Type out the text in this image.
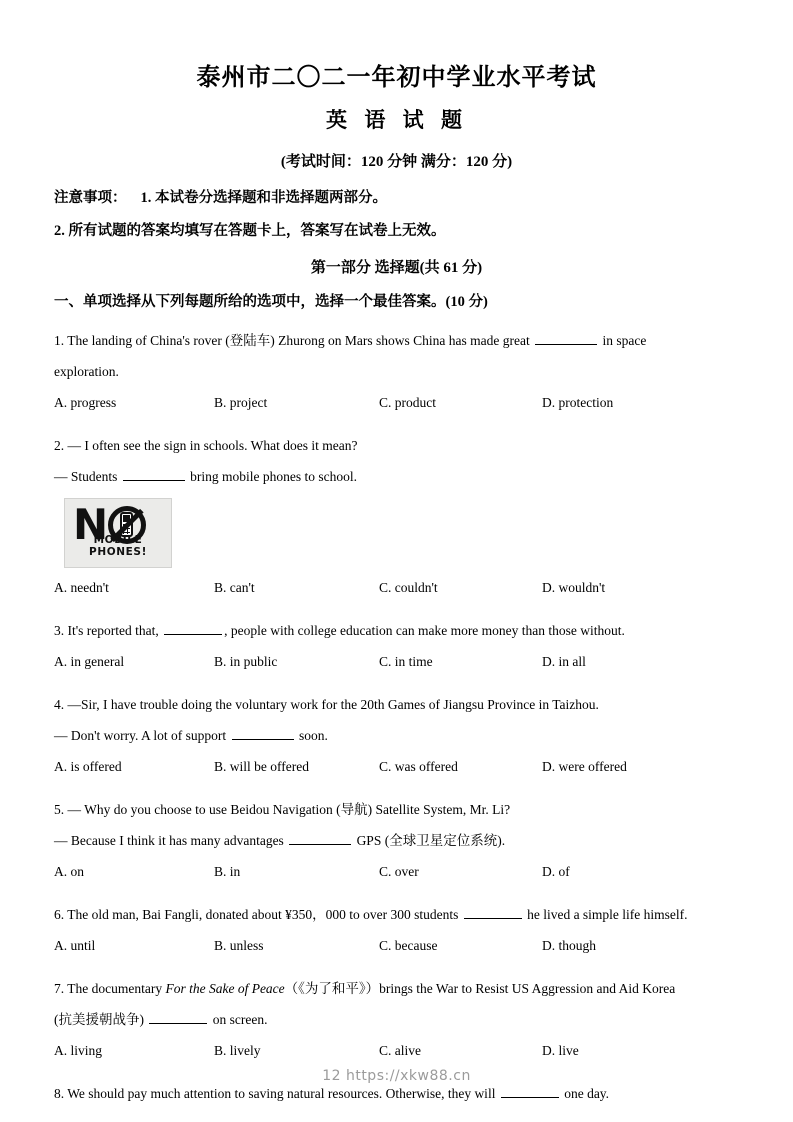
泰州市二〇二一年初中学业水平考试
英 语 试 题

(考试时间：120 分钟 满分：120 分)

注意事项： 1. 本试卷分选择题和非选择题两部分。

2. 所有试题的答案均填写在答题卡上，答案写在试卷上无效。

第一部分 选择题(共 61 分)

一、单项选择从下列每题所给的选项中，选择一个最佳答案。(10 分)

1. The landing of China's rover (登陆车) Zhurong on Mars shows China has made great	in space

exploration.

A. progress	B. project	C. product	D. protection

2. — I often see the sign in schools. What does it mean?

— Students	bring mobile phones to school.

N
MOBILE PHONES!
A. needn't	B. can't	C. couldn't	D. wouldn't

3. It's reported that,	, people with college education can make more money than those without.

A. in general	B. in public	C. in time	D. in all

4. —Sir, I have trouble doing the voluntary work for the 20th Games of Jiangsu Province in Taizhou.

— Don't worry. A lot of support	soon.

A. is offered	B. will be offered	C. was offered	D. were offered

5. — Why do you choose to use Beidou Navigation (导航) Satellite System, Mr. Li?

— Because I think it has many advantages	GPS (全球卫星定位系统).

A. on	B. in	C. over	D. of

6. The old man, Bai Fangli, donated about ¥350，000 to over 300 students	he lived a simple life himself.

A. until	B. unless	C. because	D. though

7. The documentary For the Sake of Peace（《为了和平》）brings the War to Resist US Aggression and Aid Korea

(抗美援朝战争)	on screen.

A. living	B. lively	C. alive	D. live

8. We should pay much attention to saving natural resources. Otherwise, they will	one day.

12 https://xkw88.cn
